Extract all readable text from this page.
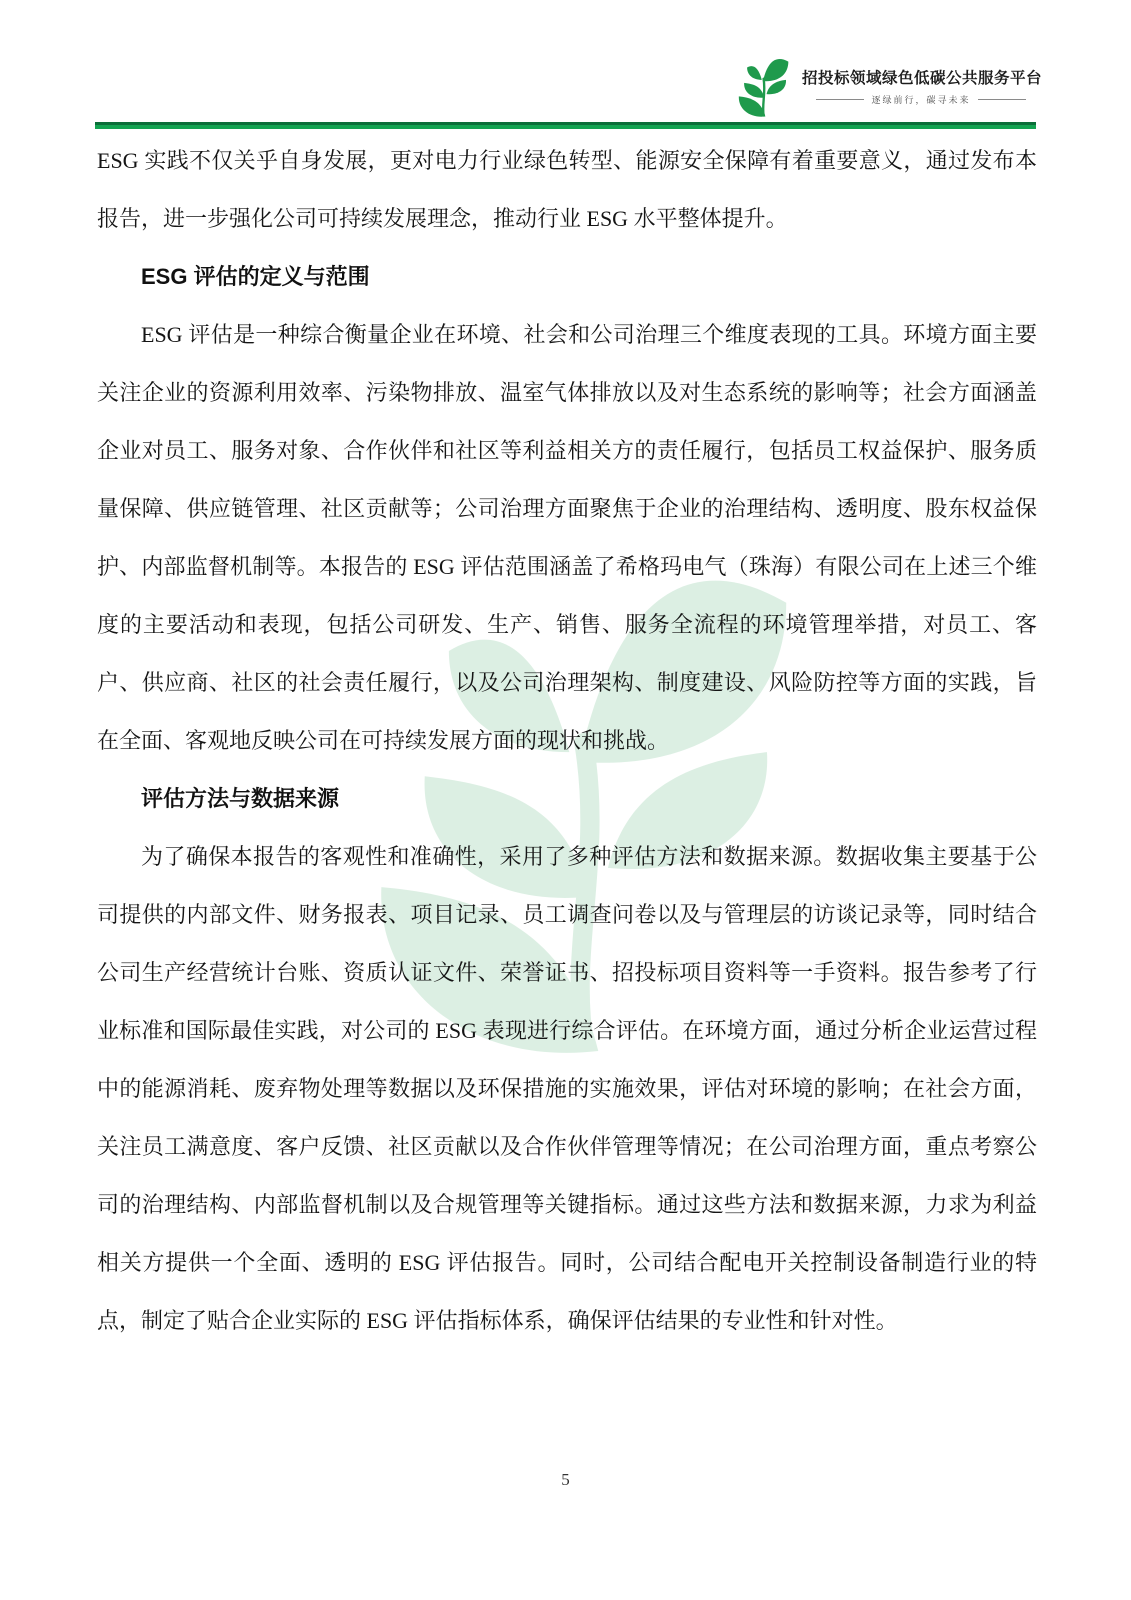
招投标领域绿色低碳公共服务平台
逐绿前行，碳寻未来

ESG 实践不仅关乎自身发展，更对电力行业绿色转型、能源安全保障有着重要意义，通过发布本报告，进一步强化公司可持续发展理念，推动行业 ESG 水平整体提升。

ESG 评估的定义与范围

ESG 评估是一种综合衡量企业在环境、社会和公司治理三个维度表现的工具。环境方面主要关注企业的资源利用效率、污染物排放、温室气体排放以及对生态系统的影响等；社会方面涵盖企业对员工、服务对象、合作伙伴和社区等利益相关方的责任履行，包括员工权益保护、服务质量保障、供应链管理、社区贡献等；公司治理方面聚焦于企业的治理结构、透明度、股东权益保护、内部监督机制等。本报告的 ESG 评估范围涵盖了希格玛电气（珠海）有限公司在上述三个维度的主要活动和表现，包括公司研发、生产、销售、服务全流程的环境管理举措，对员工、客户、供应商、社区的社会责任履行，以及公司治理架构、制度建设、风险防控等方面的实践，旨在全面、客观地反映公司在可持续发展方面的现状和挑战。

评估方法与数据来源

为了确保本报告的客观性和准确性，采用了多种评估方法和数据来源。数据收集主要基于公司提供的内部文件、财务报表、项目记录、员工调查问卷以及与管理层的访谈记录等，同时结合公司生产经营统计台账、资质认证文件、荣誉证书、招投标项目资料等一手资料。报告参考了行业标准和国际最佳实践，对公司的 ESG 表现进行综合评估。在环境方面，通过分析企业运营过程中的能源消耗、废弃物处理等数据以及环保措施的实施效果，评估对环境的影响；在社会方面，关注员工满意度、客户反馈、社区贡献以及合作伙伴管理等情况；在公司治理方面，重点考察公司的治理结构、内部监督机制以及合规管理等关键指标。通过这些方法和数据来源，力求为利益相关方提供一个全面、透明的 ESG 评估报告。同时，公司结合配电开关控制设备制造行业的特点，制定了贴合企业实际的 ESG 评估指标体系，确保评估结果的专业性和针对性。

5
